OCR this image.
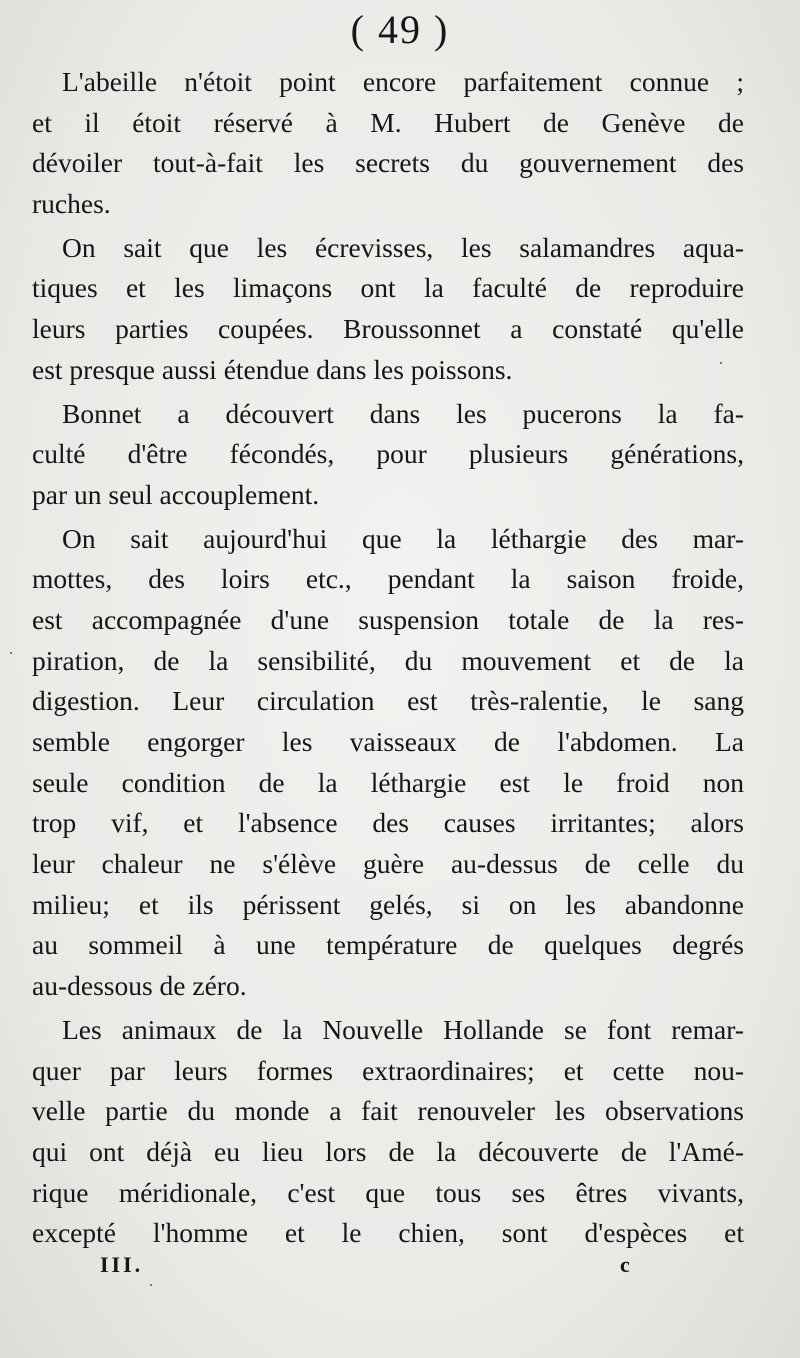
( 49 )
L'abeille n'étoit point encore parfaitement connue ;
et il étoit réservé à M. Hubert de Genève de
dévoiler tout-à-fait les secrets du gouvernement des
ruches.
On sait que les écrevisses, les salamandres aqua-
tiques et les limaçons ont la faculté de reproduire
leurs parties coupées. Broussonnet a constaté qu'elle
est presque aussi étendue dans les poissons.
Bonnet a découvert dans les pucerons la fa-
culté d'être fécondés, pour plusieurs générations,
par un seul accouplement.
On sait aujourd'hui que la léthargie des mar-
mottes, des loirs etc., pendant la saison froide,
est accompagnée d'une suspension totale de la res-
piration, de la sensibilité, du mouvement et de la
digestion. Leur circulation est très-ralentie, le sang
semble engorger les vaisseaux de l'abdomen. La
seule condition de la léthargie est le froid non
trop vif, et l'absence des causes irritantes; alors
leur chaleur ne s'élève guère au-dessus de celle du
milieu; et ils périssent gelés, si on les abandonne
au sommeil à une température de quelques degrés
au-dessous de zéro.
Les animaux de la Nouvelle Hollande se font remar-
quer par leurs formes extraordinaires; et cette nou-
velle partie du monde a fait renouveler les observations
qui ont déjà eu lieu lors de la découverte de l'Amé-
rique méridionale, c'est que tous ses êtres vivants,
excepté l'homme et le chien, sont d'espèces et
III.	c
